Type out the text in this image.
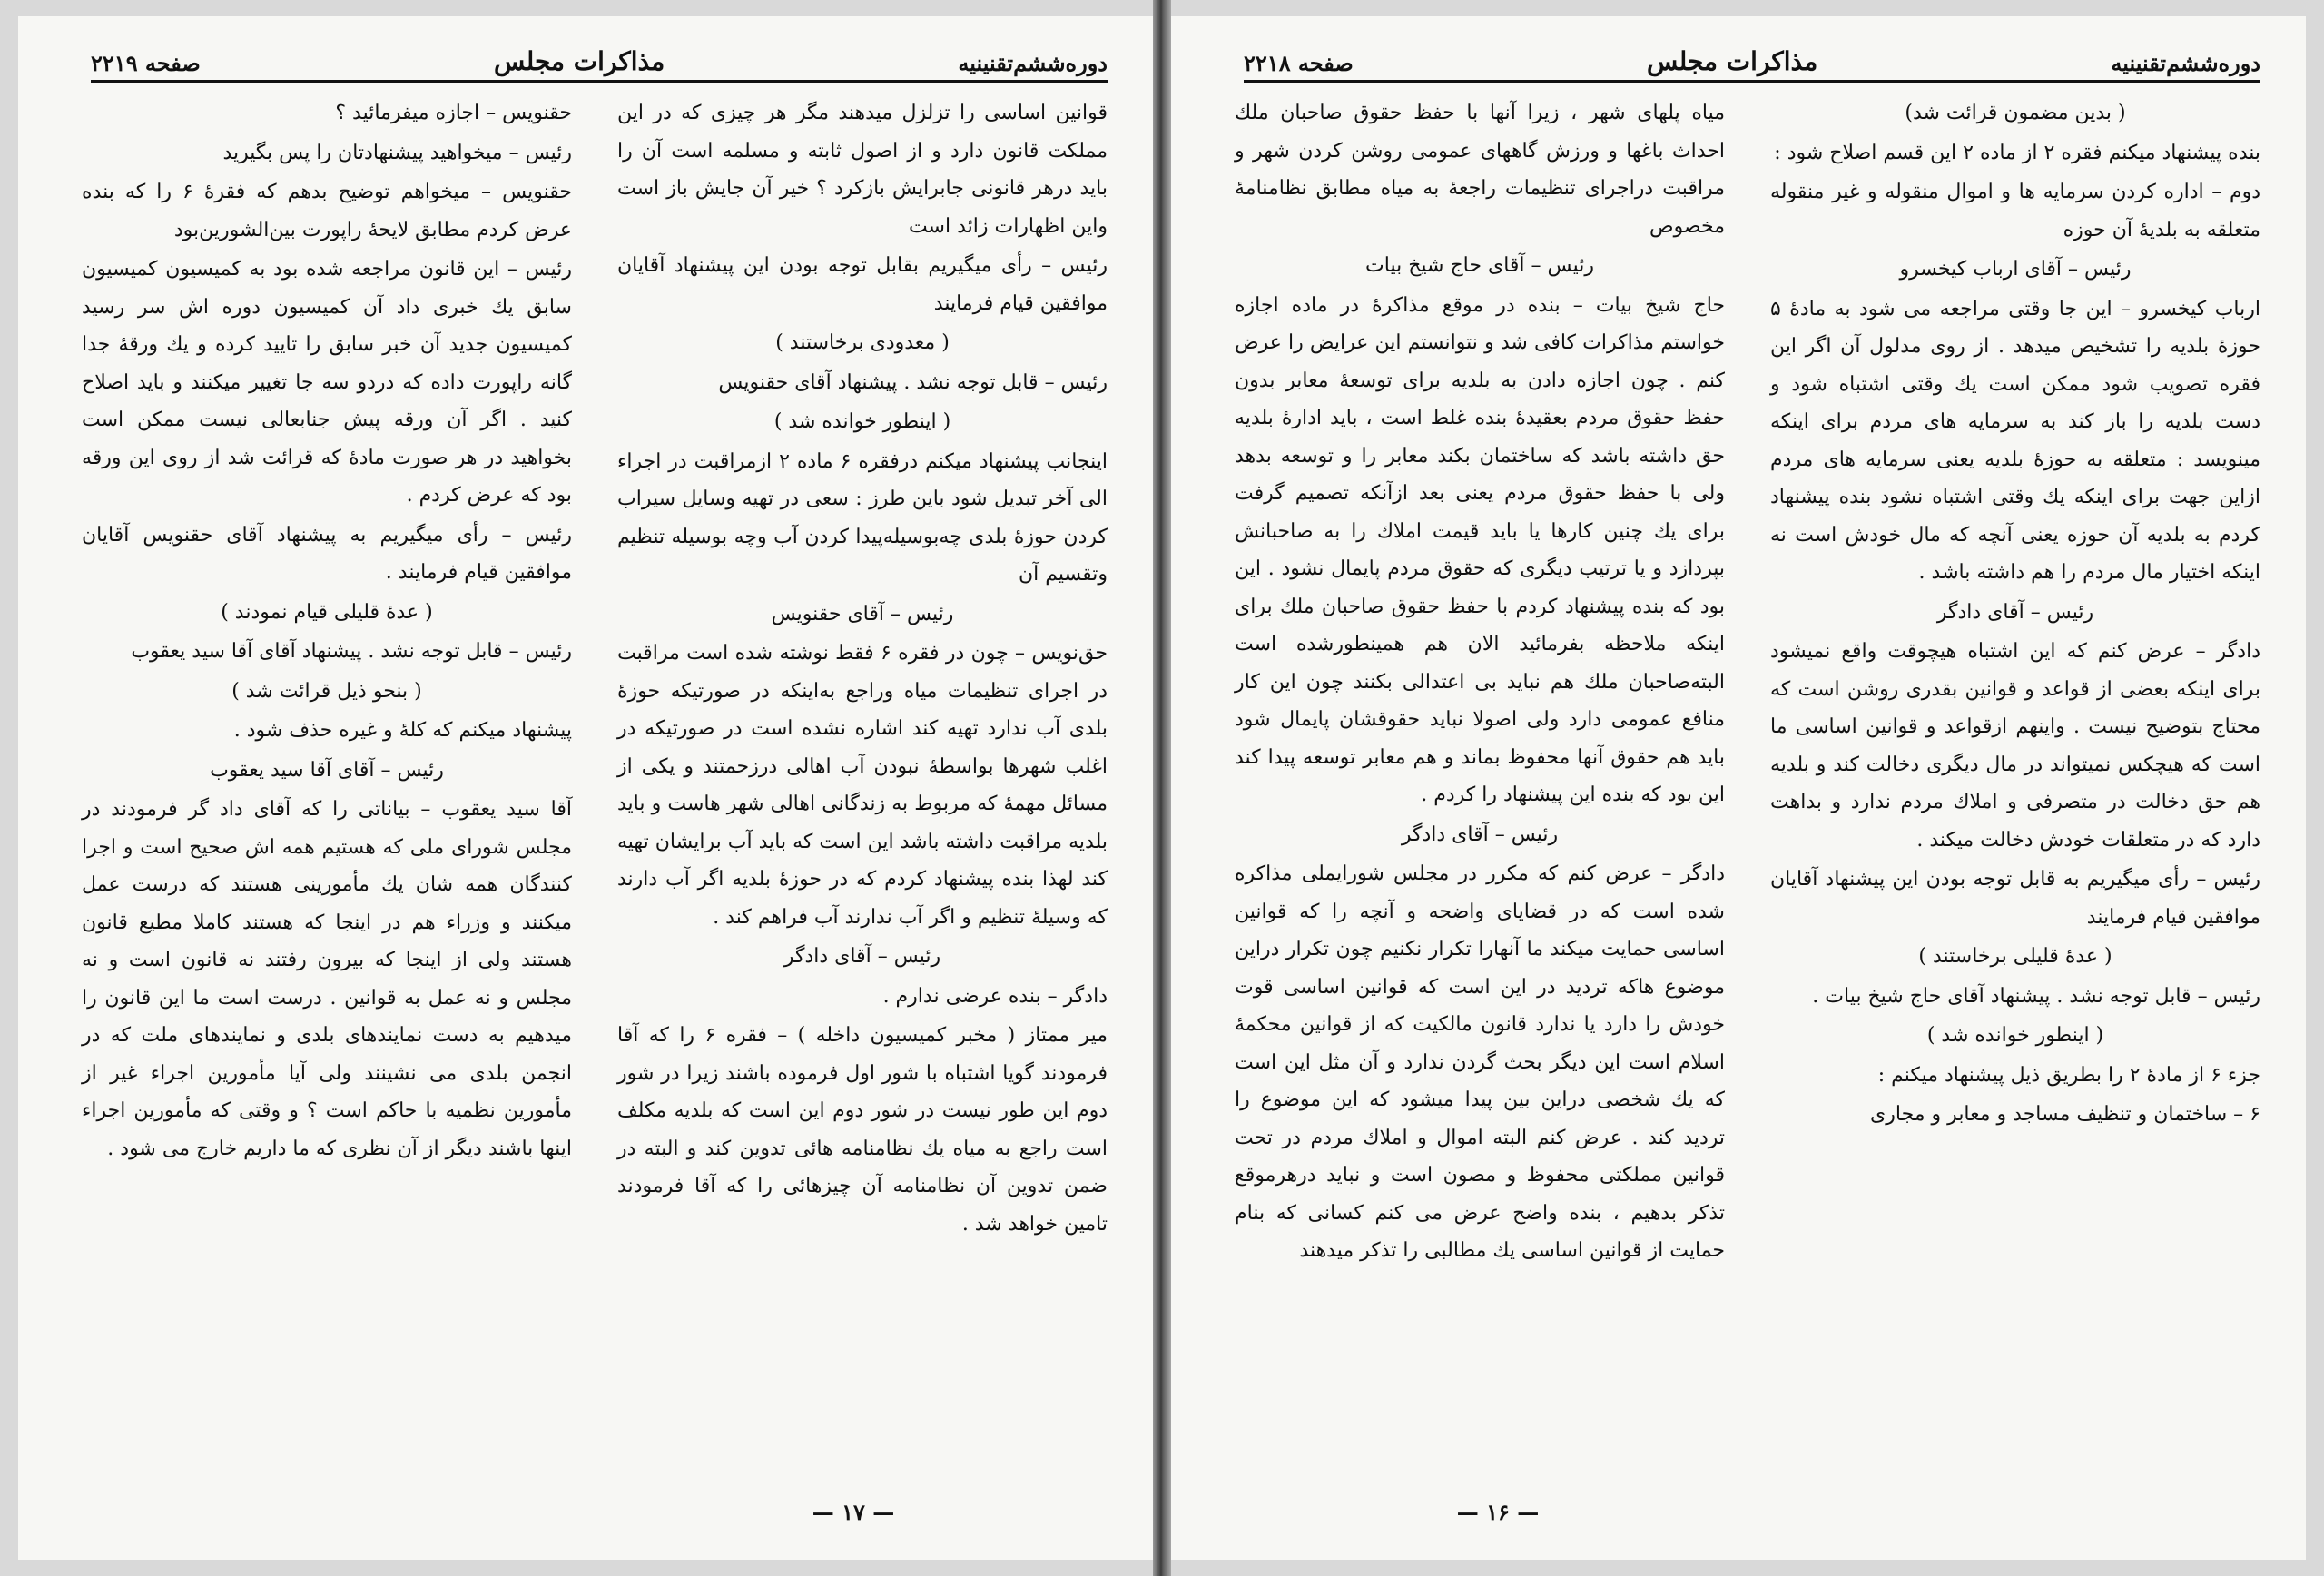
دوره‌ششم‌تقنینیه
مذاکرات مجلس
صفحه ۲۲۱۹

قوانین اساسی را تزلزل میدهند مگر هر چیزی که در این مملکت قانون دارد و از اصول ثابته و مسلمه است آن را باید درهر قانونی جابرایش بازکرد ؟ خیر آن جایش باز است واین اظهارات زائد است

رئیس – رأی میگیریم بقابل توجه بودن این پیشنهاد آقایان موافقین قیام فرمایند

( معدودی برخاستند )

رئیس – قابل توجه نشد . پیشنهاد آقای حقنویس

( اینطور خوانده شد )

اینجانب پیشنهاد میکنم درفقره ۶ ماده ۲ ازمراقبت در اجراء الی آخر تبدیل شود باین طرز : سعی در تهیه وسایل سیراب کردن حوزهٔ بلدی چه‌بوسیله‌پیدا کردن آب وچه بوسیله تنظیم وتقسیم آن

رئیس – آقای حقنویس

حق‌نویس – چون در فقره ۶ فقط نوشته شده است مراقبت در اجرای تنظیمات میاه وراجع به‌اینکه در صورتیکه حوزهٔ بلدی آب ندارد تهیه کند اشاره نشده است در صورتیکه در اغلب شهرها بواسطهٔ نبودن آب اهالی درزحمتند و یکی از مسائل مهمهٔ که مربوط به زندگانی اهالی شهر هاست و باید بلدیه مراقبت داشته باشد این است که باید آب برایشان تهیه کند لهذا بنده پیشنهاد کردم که در حوزهٔ بلدیه اگر آب دارند که وسیلهٔ تنظیم و اگر آب ندارند آب فراهم کند .

رئیس – آقای دادگر

دادگر – بنده عرضی ندارم .

میر ممتاز ( مخبر کمیسیون داخله ) – فقره ۶ را که آقا فرمودند گویا اشتباه با شور اول فرموده باشند زیرا در شور دوم این طور نیست در شور دوم این است که بلدیه مکلف است راجع به میاه یك نظامنامه هائی تدوین کند و البته در ضمن تدوین آن نظامنامه آن چیزهائی را که آقا فرمودند تامین خواهد شد .

حقنویس – اجازه میفرمائید ؟

رئیس – میخواهید پیشنهادتان را پس بگیرید

حقنویس – میخواهم توضیح بدهم که فقرهٔ ۶ را که بنده عرض کردم مطابق لایحهٔ راپورت بین‌الشورین‌بود

رئیس – این قانون مراجعه شده بود به کمیسیون کمیسیون سابق یك خبری داد آن کمیسیون دوره اش سر رسید کمیسیون جدید آن خبر سابق را تایید کرده و یك ورقهٔ جدا گانه راپورت داده که دردو سه جا تغییر میکنند و باید اصلاح کنید . اگر آن ورقه پیش جنابعالی نیست ممکن است بخواهید در هر صورت مادهٔ که قرائت شد از روی این ورقه بود که عرض کردم .

رئیس – رأی میگیریم به پیشنهاد آقای حقنویس آقایان موافقین قیام فرمایند .

( عدهٔ قلیلی قیام نمودند )

رئیس – قابل توجه نشد . پیشنهاد آقای آقا سید یعقوب

( بنحو ذیل قرائت شد )

پیشنهاد میکنم که کلهٔ و غیره حذف شود .

رئیس – آقای آقا سید یعقوب

آقا سید یعقوب – بیاناتی را که آقای داد گر فرمودند در مجلس شورای ملی که هستیم همه اش صحیح است و اجرا کنندگان همه شان یك مأمورینی هستند که درست عمل میکنند و وزراء هم در اینجا که هستند کاملا مطیع قانون هستند ولی از اینجا که بیرون رفتند نه قانون است و نه مجلس و نه عمل به قوانین . درست است ما این قانون را میدهیم به دست نمایندهای بلدی و نمایندهای ملت که در انجمن بلدی می نشینند ولی آیا مأمورین اجراء غیر از مأمورین نظمیه با حاکم است ؟ و وقتی که مأمورین اجراء اینها باشند دیگر از آن نظری که ما داریم خارج می شود .

— ۱۷ —
دوره‌ششم‌تقنینیه
مذاکرات مجلس
صفحه ۲۲۱۸

( بدین مضمون قرائت شد)

بنده پیشنهاد میکنم فقره ۲ از ماده ۲ این قسم اصلاح شود :

دوم – اداره کردن سرمایه ها و اموال منقوله و غیر منقوله متعلقه به بلدیهٔ آن حوزه

رئیس – آقای ارباب کیخسرو

ارباب کیخسرو – این جا وقتی مراجعه می شود به مادهٔ ۵ حوزهٔ بلدیه را تشخیص میدهد . از روی مدلول آن اگر این فقره تصویب شود ممکن است یك وقتی اشتباه شود و دست بلدیه را باز کند به سرمایه های مردم برای اینکه مینویسد : متعلقه به حوزهٔ بلدیه یعنی سرمایه های مردم ازاین جهت برای اینکه یك وقتی اشتباه نشود بنده پیشنهاد کردم به بلدیه آن حوزه یعنی آنچه که مال خودش است نه اینکه اختیار مال مردم را هم داشته باشد .

رئیس – آقای دادگر

دادگر – عرض کنم که این اشتباه هیچوقت واقع نمیشود برای اینکه بعضی از قواعد و قوانین بقدری روشن است که محتاج بتوضیح نیست . واینهم ازقواعد و قوانین اساسی ما است که هیچکس نمیتواند در مال دیگری دخالت کند و بلدیه هم حق دخالت در متصرفی و املاك مردم ندارد و بداهت دارد که در متعلقات خودش دخالت میکند .

رئیس – رأی میگیریم به قابل توجه بودن این پیشنهاد آقایان موافقین قیام فرمایند

( عدهٔ قلیلی برخاستند )

رئیس – قابل توجه نشد . پیشنهاد آقای حاج شیخ بیات .

( اینطور خوانده شد )

جزء ۶ از مادهٔ ۲ را بطریق ذیل پیشنهاد میکنم :

۶ – ساختمان و تنظیف مساجد و معابر و مجاری

میاه پلهای شهر ، زیرا آنها با حفظ حقوق صاحبان ملك احداث باغها و ورزش گاههای عمومی روشن کردن شهر و مراقبت دراجرای تنظیمات راجعهٔ به میاه مطابق نظامنامهٔ مخصوص

رئیس – آقای حاج شیخ بیات

حاج شیخ بیات – بنده در موقع مذاکرهٔ در ماده اجازه خواستم مذاکرات کافی شد و نتوانستم این عرایض را عرض کنم . چون اجازه دادن به بلدیه برای توسعهٔ معابر بدون حفظ حقوق مردم بعقیدهٔ بنده غلط است ، باید ادارهٔ بلدیه حق داشته باشد که ساختمان بکند معابر را و توسعه بدهد ولی با حفظ حقوق مردم یعنی بعد ازآنکه تصمیم گرفت برای یك چنین کارها یا باید قیمت املاك را به صاحبانش بپردازد و یا ترتیب دیگری که حقوق مردم پایمال نشود . این بود که بنده پیشنهاد کردم با حفظ حقوق صاحبان ملك برای اینکه ملاحظه بفرمائید الان هم همینطورشده است البته‌صاحبان ملك هم نباید بی اعتدالی بکنند چون این کار منافع عمومی دارد ولی اصولا نباید حقوقشان پایمال شود باید هم حقوق آنها محفوظ بماند و هم معابر توسعه پیدا کند این بود که بنده این پیشنهاد را کردم .

رئیس – آقای دادگر

دادگر – عرض کنم که مکرر در مجلس شورایملی مذاکره شده است که در قضایای واضحه و آنچه را که قوانین اساسی حمایت میکند ما آنهارا تکرار نکنیم چون تکرار دراین موضوع هاکه تردید در این است که قوانین اساسی قوت خودش را دارد یا ندارد قانون مالکیت که از قوانین محکمهٔ اسلام است این دیگر بحث گردن ندارد و آن مثل این است که یك شخصی دراین بین پیدا میشود که این موضوع را تردید کند . عرض کنم البته اموال و املاك مردم در تحت قوانین مملکتی محفوظ و مصون است و نباید درهرموقع تذکر بدهیم ، بنده واضح عرض می کنم کسانی که بنام حمایت از قوانین اساسی یك مطالبی را تذکر میدهند

— ۱۶ —
